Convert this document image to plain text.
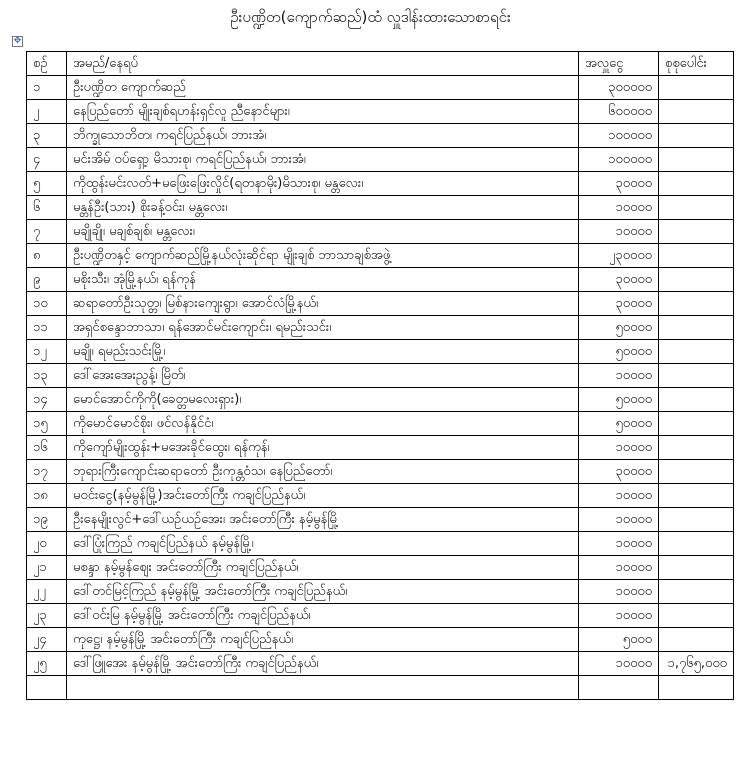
ဦးပဏ္ဍိတ(ကျောက်ဆည်)ထံ လှူဒါန်းထားသောစာရင်း
✥
စဉ်	အမည်/နေရပ်	အလှူငွေ	စုစုပေါင်း
၁	ဦးပဏ္ဍိတ ကျောက်ဆည်	၃၀၀၀၀၀	
၂	နေပြည်တော် မျိုးချစ်ရဟန်းရှင်လူ ညီနောင်များ၊	၆၀၀၀၀၀	
၃	ဘိက္ခုသောဘိတ၊ ကရင်ပြည်နယ်၊ ဘားအံ၊	၁၀၀၀၀၀	
၄	မင်းအိမ် ဝပ်ရှော့ မိသားစု၊ ကရင်ပြည်နယ်၊ ဘားအံ၊	၁၀၀၀၀၀	
၅	ကိုထွန်းမင်းလတ်+မဖြေးဖြေးလှိုင်(ရတနာမိုး)မိသားစု၊ မန္တလေး၊	၃၀၀၀၀	
၆	မန္တန်ဦး(သား) စိုးခန့်ဝင်း၊ မန္တလေး၊	၁၀၀၀၀	
၇	မချိုချို၊ မချစ်ချစ်၊ မန္တလေး၊	၁၀၀၀၀	
၈	ဦးပဏ္ဍိတနှင့် ကျောက်ဆည်မြို့နယ်လုံးဆိုင်ရာ မျိုးချစ် ဘာသာချစ်အဖွဲ့	၂၃၀၀၀၀	
၉	မစိုးသီး၊ အုံမြို့နယ်၊ ရန်ကုန်	၃၀၀၀၀	
၁၀	ဆရာတော်ဦးသုတ္တ၊ မြစ်နားကျေးရွာ၊ အောင်လံမြို့နယ်၊	၃၀၀၀၀	
၁၁	အရှင်စန္ဒောဘာသာ၊ ရန်အောင်မင်းကျောင်း၊ ရမည်းသင်း၊	၅၀၀၀၀	
၁၂	မချို၊ ရမည်းသင်းမြို့၊	၅၀၀၀၀	
၁၃	ဒေါ်အေးအေးညွန့်၊ မြိတ်၊	၁၀၀၀၀	
၁၄	မောင်အောင်ကိုကို(ခေတ္တမလေးရှား)၊	၅၀၀၀၀	
၁၅	ကိုမောင်မောင်စိုး၊ ဖင်လန်နိုင်ငံ၊	၅၀၀၀၀	
၁၆	ကိုကျော်မျိုးထွန်း+မအေးခိုင်ထွေး၊ ရန်ကုန်၊	၁၀၀၀၀	
၁၇	ဘုရားကြီးကျောင်းဆရာတော် ဦးကုန္တဝံသ၊ နေပြည်တော်၊	၃၀၀၀၀	
၁၈	မဝင်းငွေ(နမ့်မွန်မြို့)အင်းတော်ကြီး ကချင်ပြည်နယ်၊	၁၀၀၀၀	
၁၉	ဦးနေမျိုးလွင်+ဒေါ်ယဉ်ယဉ်အေး၊ အင်းတော်ကြီး နမ့်မွန်မြို့	၁၀၀၀၀	
၂၀	ဒေါ်ပြုံးကြည် ကချင်ပြည်နယ် နမ့်မွန်မြို့၊	၁၀၀၀၀	
၂၁	မစန္ဒာ နမ့်မွန်ဈေး အင်းတော်ကြီး ကချင်ပြည်နယ်၊	၁၀၀၀၀	
၂၂	ဒေါ်တင်မြင့်ကြည် နမ့်မွန်မြို့ အင်းတော်ကြီး ကချင်ပြည်နယ်၊	၁၀၀၀၀	
၂၃	ဒေါ်ဝင်းမြ နမ့်မွန်မြို့ အင်းတော်ကြီး ကချင်ပြည်နယ်၊	၁၀၀၀၀	
၂၄	ကုဋ္ဌေ၊ နမ့်မွန်မြို့ အင်းတော်ကြီး ကချင်ပြည်နယ်၊	၅၀၀၀	
၂၅	ဒေါ်ဖြူအေး နမ့်မွန်မြို့ အင်းတော်ကြီး ကချင်ပြည်နယ်၊	၁၀၀၀၀	၁,၇၆၅,၀၀၀
